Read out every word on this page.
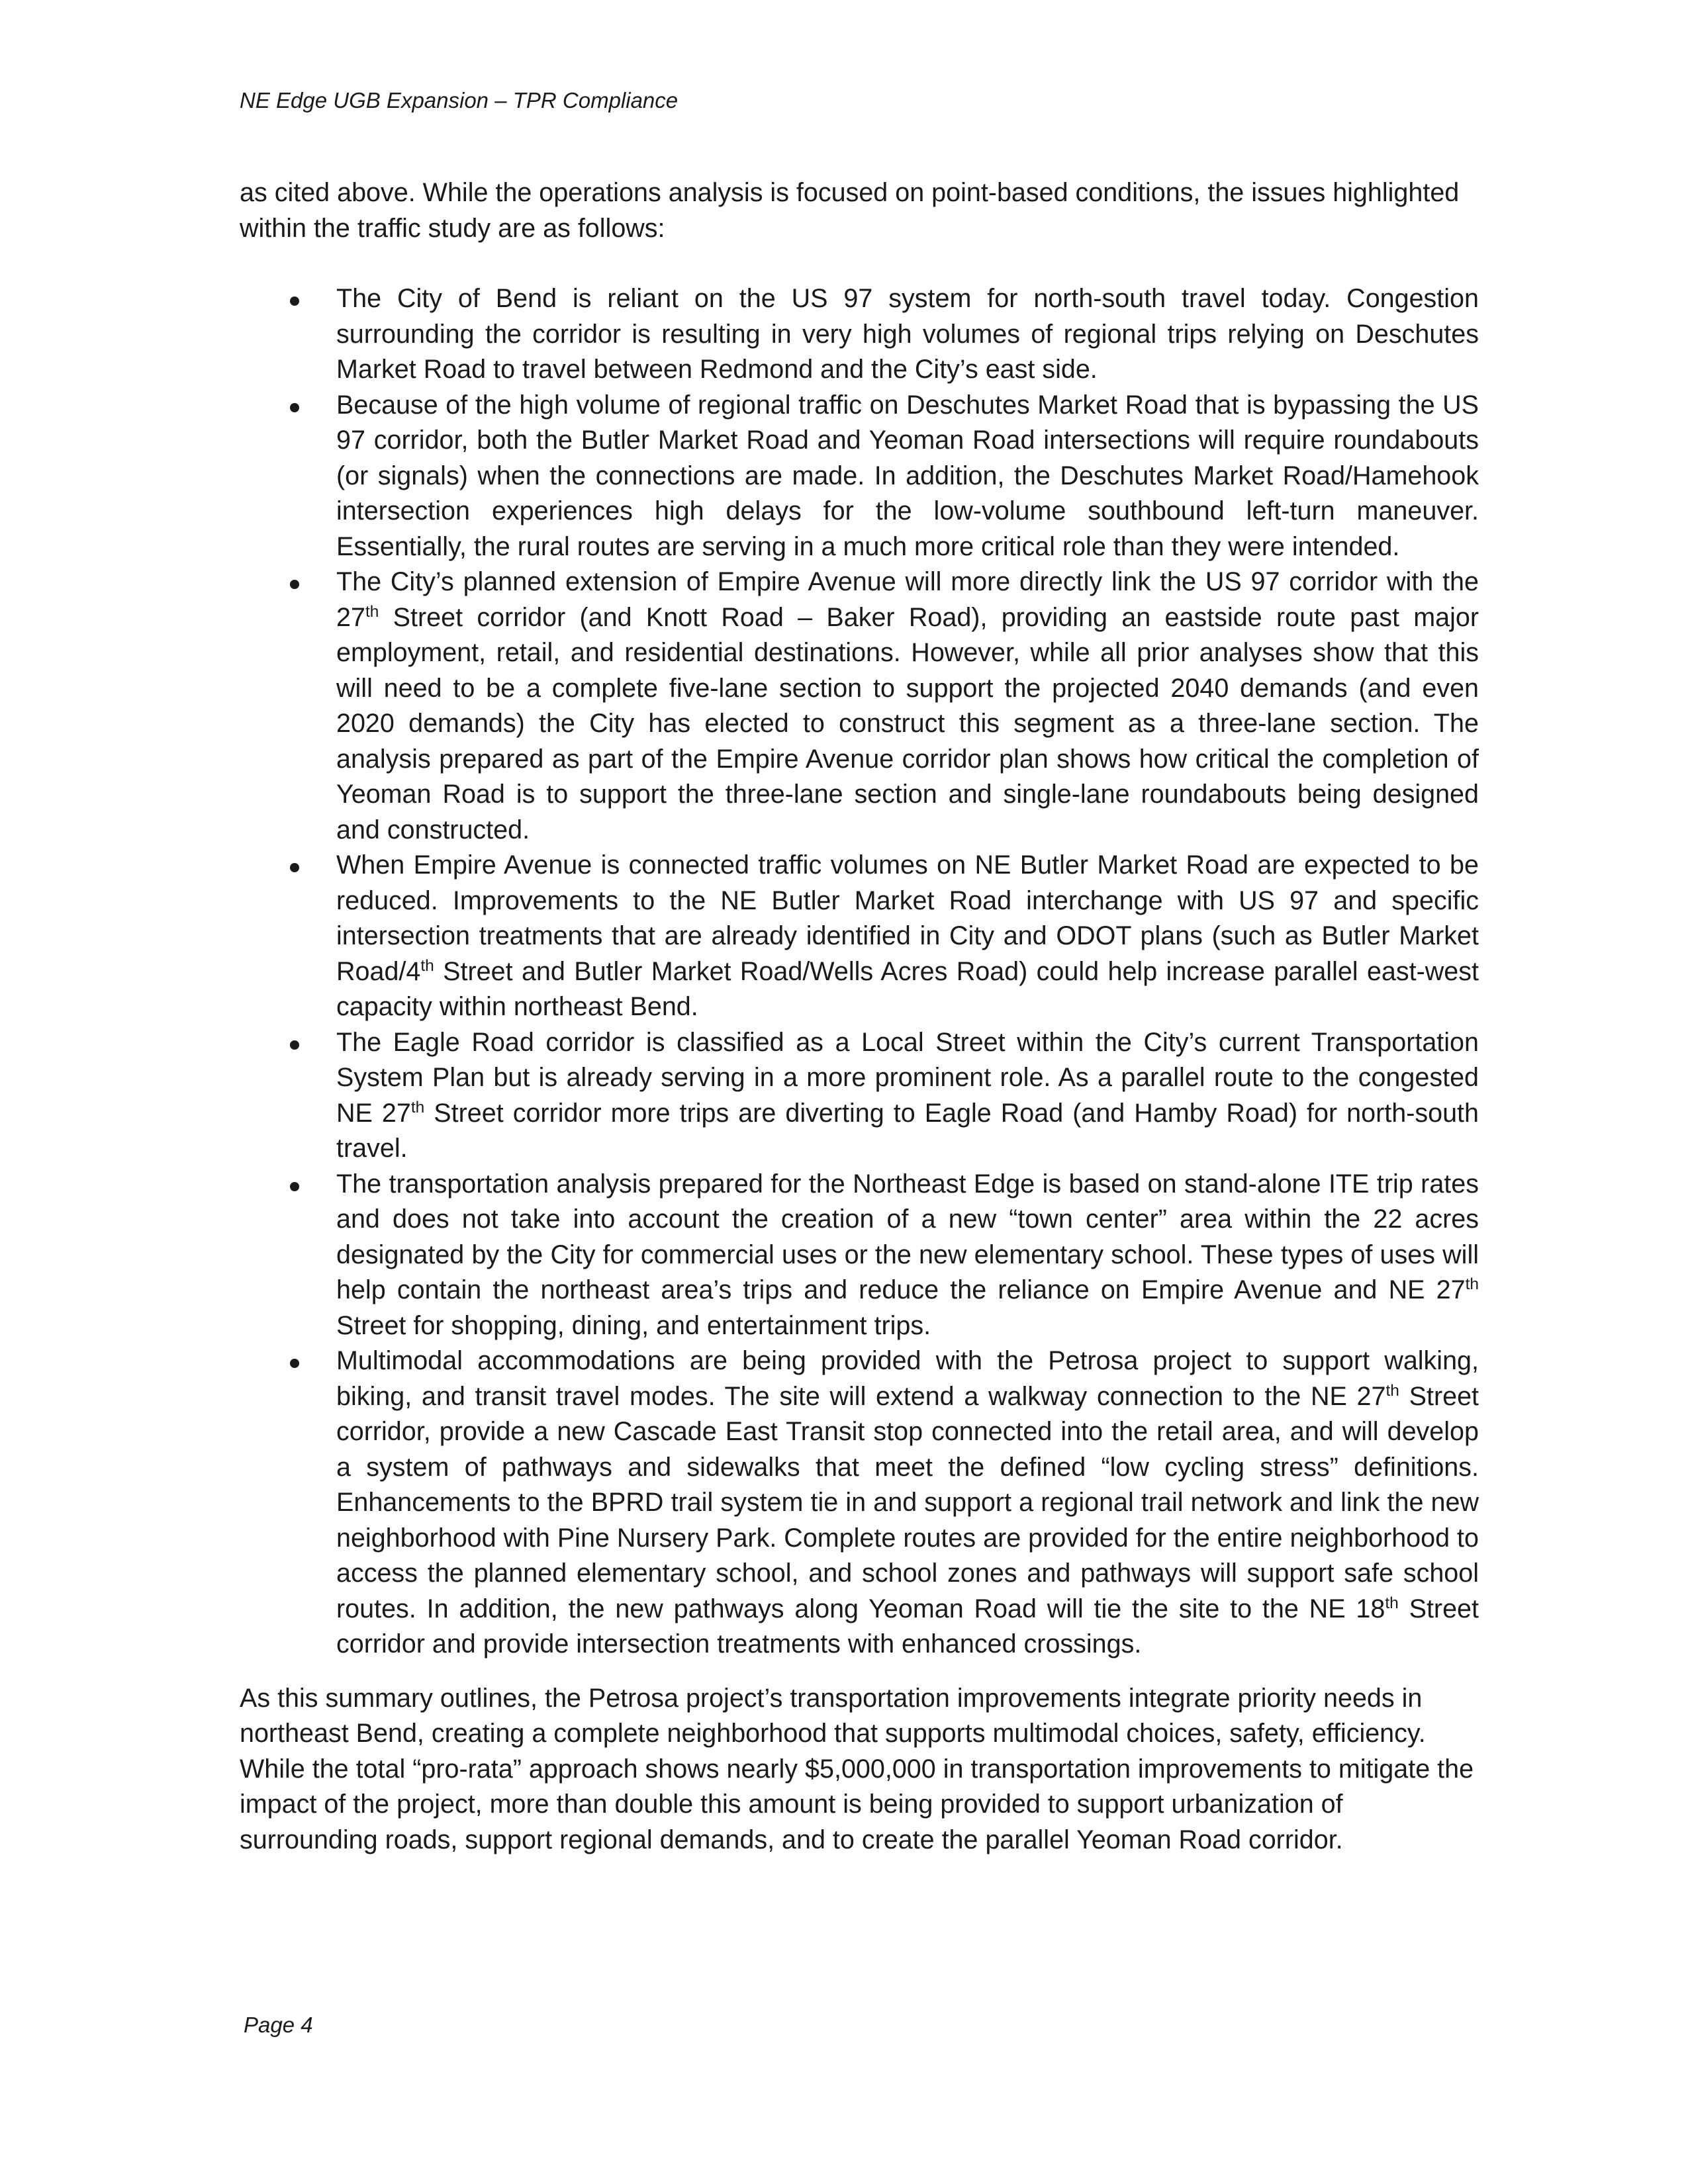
NE Edge UGB Expansion – TPR Compliance

as cited above. While the operations analysis is focused on point-based conditions, the issues highlighted within the traffic study are as follows:

The City of Bend is reliant on the US 97 system for north-south travel today. Congestion surrounding the corridor is resulting in very high volumes of regional trips relying on Deschutes Market Road to travel between Redmond and the City’s east side.
Because of the high volume of regional traffic on Deschutes Market Road that is bypassing the US 97 corridor, both the Butler Market Road and Yeoman Road intersections will require roundabouts (or signals) when the connections are made. In addition, the Deschutes Market Road/Hamehook intersection experiences high delays for the low-volume southbound left-turn maneuver. Essentially, the rural routes are serving in a much more critical role than they were intended.
The City’s planned extension of Empire Avenue will more directly link the US 97 corridor with the 27th Street corridor (and Knott Road – Baker Road), providing an eastside route past major employment, retail, and residential destinations. However, while all prior analyses show that this will need to be a complete five-lane section to support the projected 2040 demands (and even 2020 demands) the City has elected to construct this segment as a three-lane section. The analysis prepared as part of the Empire Avenue corridor plan shows how critical the completion of Yeoman Road is to support the three-lane section and single-lane roundabouts being designed and constructed.
When Empire Avenue is connected traffic volumes on NE Butler Market Road are expected to be reduced. Improvements to the NE Butler Market Road interchange with US 97 and specific intersection treatments that are already identified in City and ODOT plans (such as Butler Market Road/4th Street and Butler Market Road/Wells Acres Road) could help increase parallel east-west capacity within northeast Bend.
The Eagle Road corridor is classified as a Local Street within the City’s current Transportation System Plan but is already serving in a more prominent role. As a parallel route to the congested NE 27th Street corridor more trips are diverting to Eagle Road (and Hamby Road) for north-south travel.
The transportation analysis prepared for the Northeast Edge is based on stand-alone ITE trip rates and does not take into account the creation of a new “town center” area within the 22 acres designated by the City for commercial uses or the new elementary school. These types of uses will help contain the northeast area’s trips and reduce the reliance on Empire Avenue and NE 27th Street for shopping, dining, and entertainment trips.
Multimodal accommodations are being provided with the Petrosa project to support walking, biking, and transit travel modes. The site will extend a walkway connection to the NE 27th Street corridor, provide a new Cascade East Transit stop connected into the retail area, and will develop a system of pathways and sidewalks that meet the defined “low cycling stress” definitions. Enhancements to the BPRD trail system tie in and support a regional trail network and link the new neighborhood with Pine Nursery Park. Complete routes are provided for the entire neighborhood to access the planned elementary school, and school zones and pathways will support safe school routes. In addition, the new pathways along Yeoman Road will tie the site to the NE 18th Street corridor and provide intersection treatments with enhanced crossings.

As this summary outlines, the Petrosa project’s transportation improvements integrate priority needs in northeast Bend, creating a complete neighborhood that supports multimodal choices, safety, efficiency. While the total “pro-rata” approach shows nearly $5,000,000 in transportation improvements to mitigate the impact of the project, more than double this amount is being provided to support urbanization of surrounding roads, support regional demands, and to create the parallel Yeoman Road corridor.

Page 4
